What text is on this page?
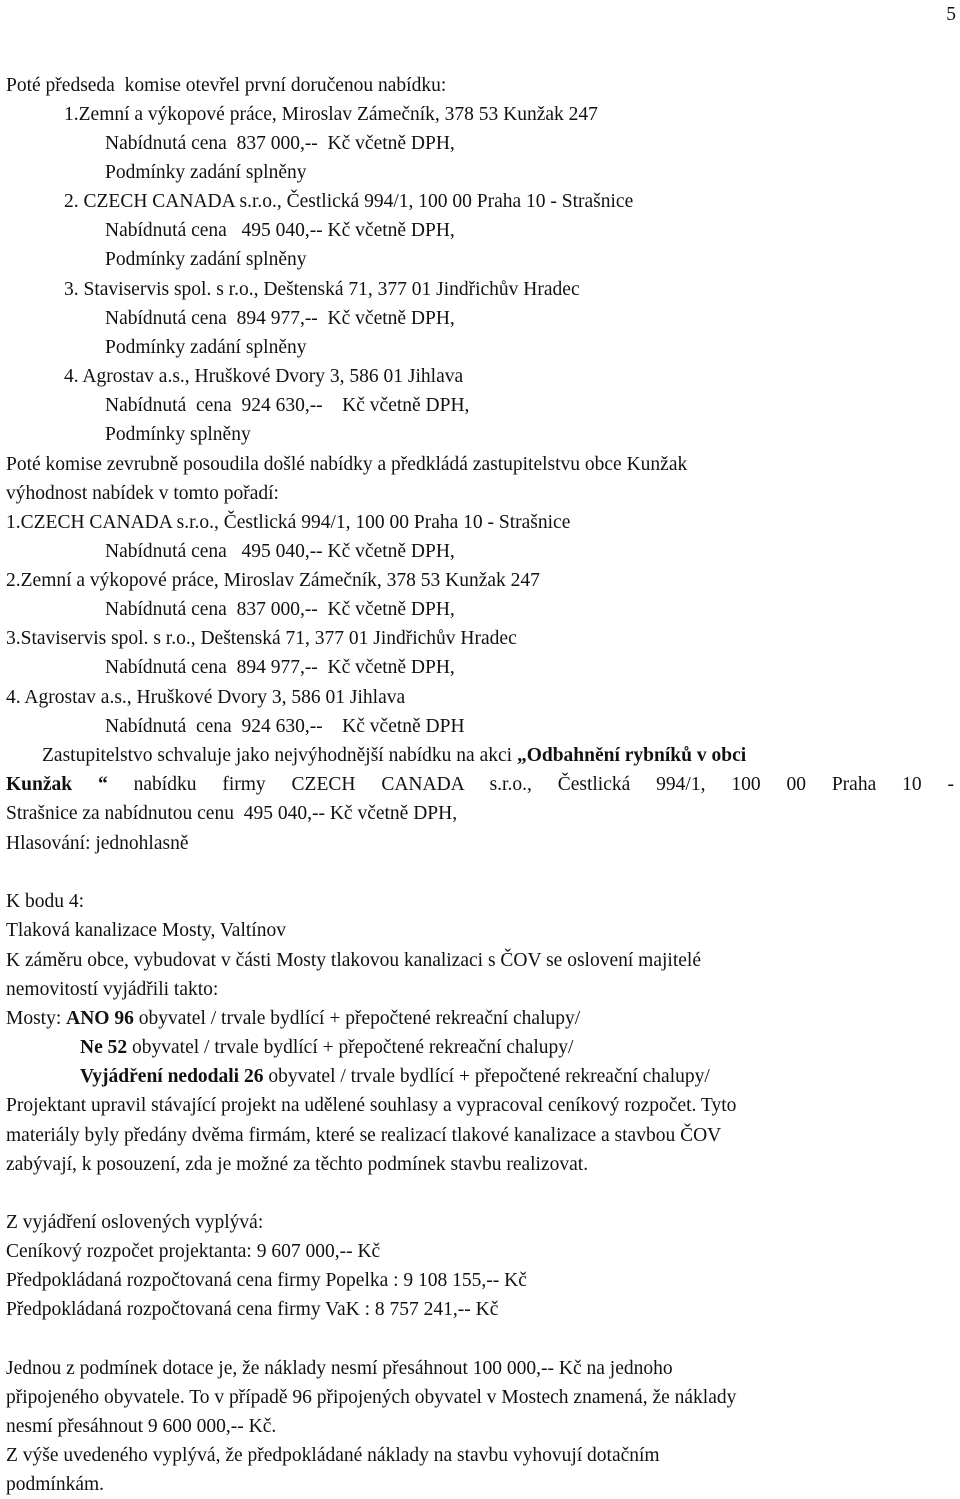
5
Poté předseda  komise otevřel první doručenou nabídku:
1.Zemní a výkopové práce, Miroslav Zámečník, 378 53 Kunžak 247
Nabídnutá cena  837 000,--  Kč včetně DPH,
Podmínky zadání splněny
2. CZECH CANADA s.r.o., Čestlická 994/1, 100 00 Praha 10 - Strašnice
Nabídnutá cena   495 040,-- Kč včetně DPH,
Podmínky zadání splněny
3. Staviservis spol. s r.o., Deštenská 71, 377 01 Jindřichův Hradec
Nabídnutá cena  894 977,--  Kč včetně DPH,
Podmínky zadání splněny
4. Agrostav a.s., Hruškové Dvory 3, 586 01 Jihlava
Nabídnutá  cena  924 630,--    Kč včetně DPH,
Podmínky splněny
Poté komise zevrubně posoudila došlé nabídky a předkládá zastupitelstvu obce Kunžak
výhodnost nabídek v tomto pořadí:
1.CZECH CANADA s.r.o., Čestlická 994/1, 100 00 Praha 10 - Strašnice
Nabídnutá cena   495 040,-- Kč včetně DPH,
2.Zemní a výkopové práce, Miroslav Zámečník, 378 53 Kunžak 247
Nabídnutá cena  837 000,--  Kč včetně DPH,
3.Staviservis spol. s r.o., Deštenská 71, 377 01 Jindřichův Hradec
Nabídnutá cena  894 977,--  Kč včetně DPH,
4. Agrostav a.s., Hruškové Dvory 3, 586 01 Jihlava
Nabídnutá  cena  924 630,--    Kč včetně DPH
Zastupitelstvo schvaluje jako nejvýhodnější nabídku na akci „Odbahnění rybníků v obci
Kunžak “ nabídku firmy CZECH CANADA s.r.o., Čestlická 994/1, 100 00 Praha 10 -
Strašnice za nabídnutou cenu  495 040,-- Kč včetně DPH,
Hlasování: jednohlasně
K bodu 4:
Tlaková kanalizace Mosty, Valtínov
K záměru obce, vybudovat v části Mosty tlakovou kanalizaci s ČOV se oslovení majitelé
nemovitostí vyjádřili takto:
Mosty: ANO 96 obyvatel / trvale bydlící + přepočtené rekreační chalupy/
Ne 52 obyvatel / trvale bydlící + přepočtené rekreační chalupy/
Vyjádření nedodali 26 obyvatel / trvale bydlící + přepočtené rekreační chalupy/
Projektant upravil stávající projekt na udělené souhlasy a vypracoval ceníkový rozpočet. Tyto
materiály byly předány dvěma firmám, které se realizací tlakové kanalizace a stavbou ČOV
zabývají, k posouzení, zda je možné za těchto podmínek stavbu realizovat.
Z vyjádření oslovených vyplývá:
Ceníkový rozpočet projektanta: 9 607 000,-- Kč
Předpokládaná rozpočtovaná cena firmy Popelka : 9 108 155,-- Kč
Předpokládaná rozpočtovaná cena firmy VaK : 8 757 241,-- Kč
Jednou z podmínek dotace je, že náklady nesmí přesáhnout 100 000,-- Kč na jednoho
připojeného obyvatele. To v případě 96 připojených obyvatel v Mostech znamená, že náklady
nesmí přesáhnout 9 600 000,-- Kč.
Z výše uvedeného vyplývá, že předpokládané náklady na stavbu vyhovují dotačním
podmínkám.
